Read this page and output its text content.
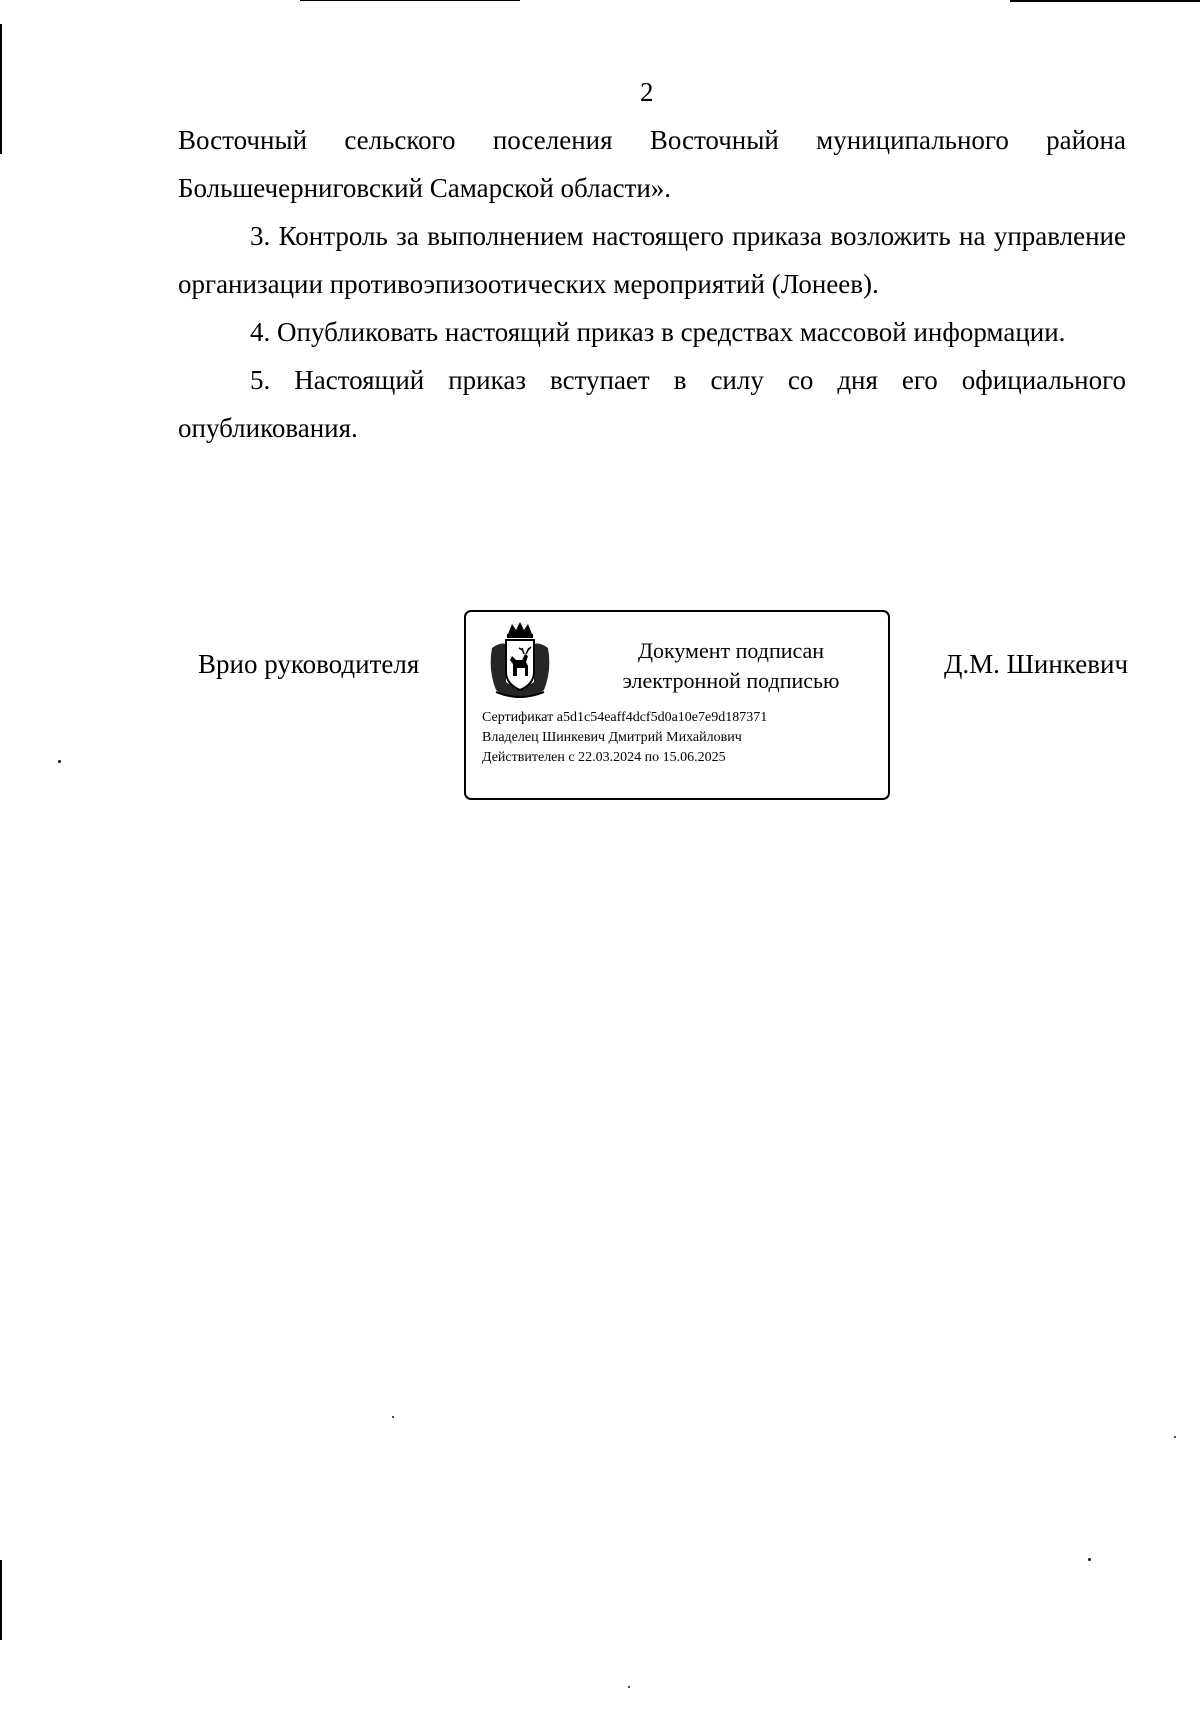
2

Восточный сельского поселения Восточный муниципального района Большечерниговский Самарской области».

3. Контроль за выполнением настоящего приказа возложить на управление организации противоэпизоотических мероприятий (Лонеев).

4. Опубликовать настоящий приказ в средствах массовой информации.

5. Настоящий приказ вступает в силу со дня его официального опубликования.

Врио руководителя	Документ подписан
электронной подписью
Сертификат a5d1c54eaff4dcf5d0a10e7e9d187371
Владелец Шинкевич Дмитрий Михайлович
Действителен с 22.03.2024 по 15.06.2025
Д.М. Шинкевич
